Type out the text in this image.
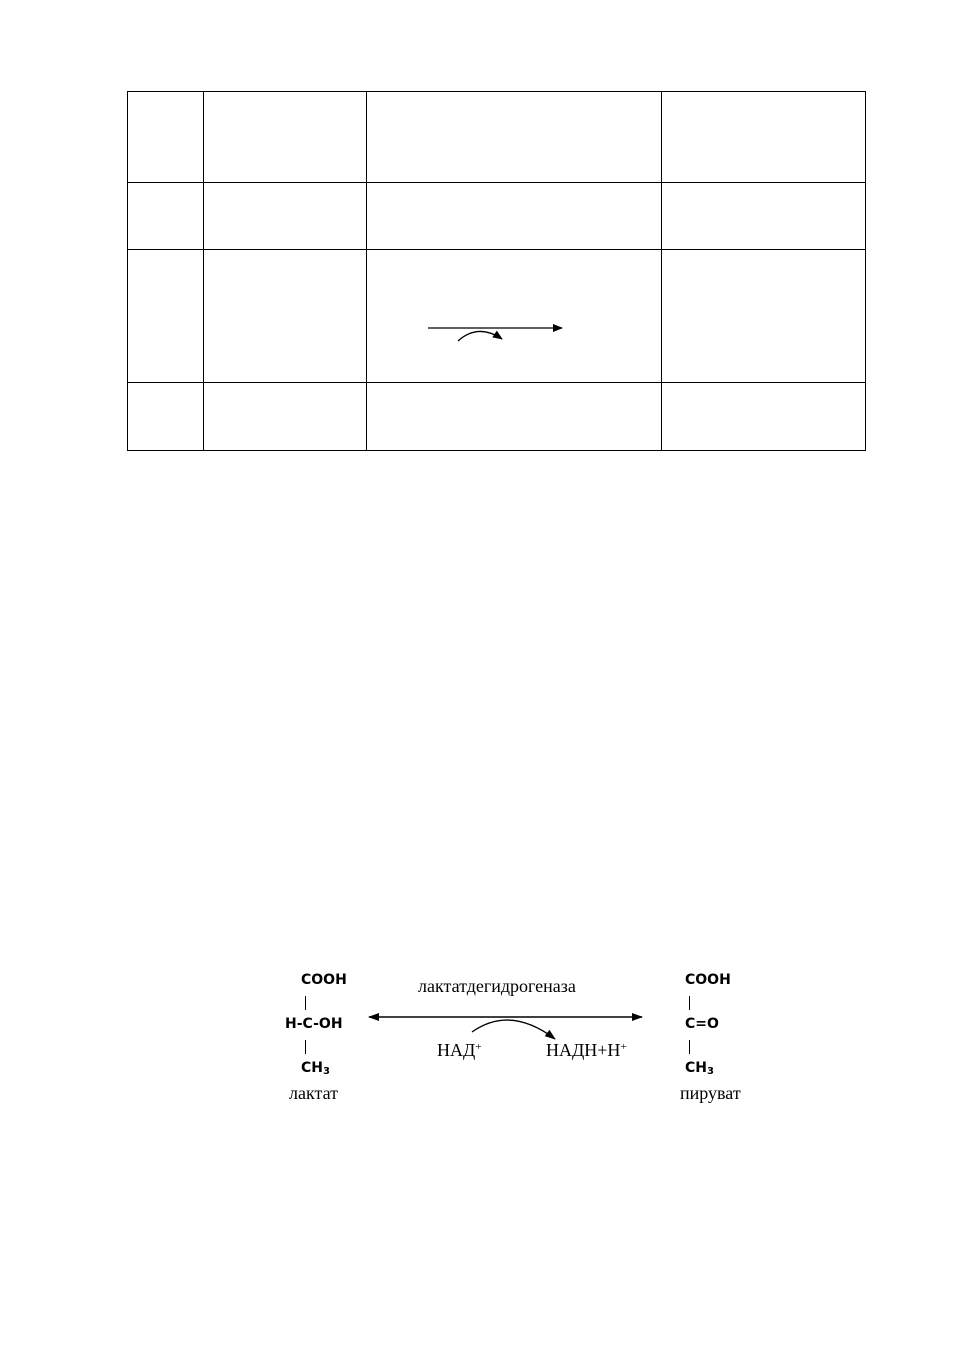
COOH
H-C-OH
$CH_3$
лактат
лактатдегидрогеназа
НАД+	НАДН+Н+
COOH
C=O
$CH_3$
пируват
